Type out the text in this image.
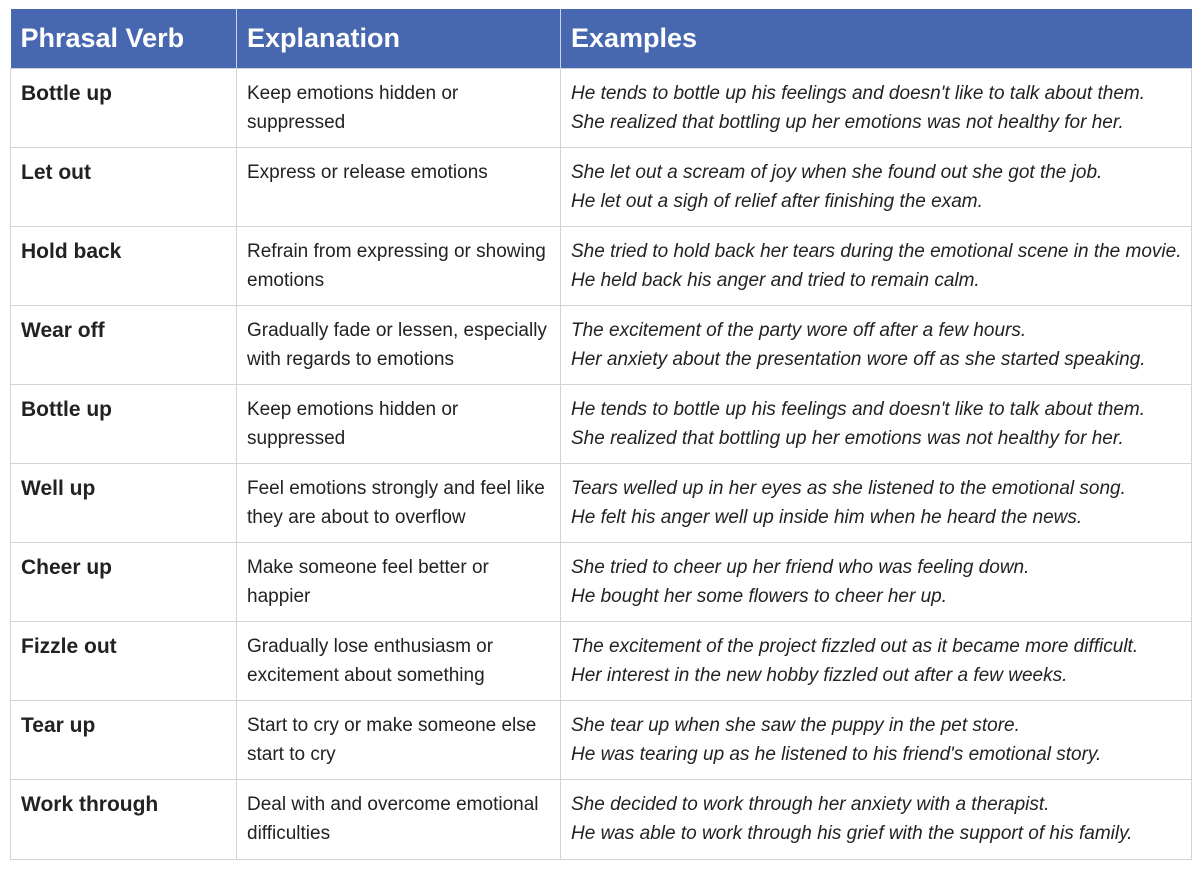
Phrasal Verb	Explanation	Examples
Bottle up	Keep emotions hidden or suppressed	He tends to bottle up his feelings and doesn't like to talk about them.
She realized that bottling up her emotions was not healthy for her.

Let out	Express or release emotions	She let out a scream of joy when she found out she got the job.
He let out a sigh of relief after finishing the exam.

Hold back	Refrain from expressing or showing emotions	She tried to hold back her tears during the emotional scene in the movie.
He held back his anger and tried to remain calm.

Wear off	Gradually fade or lessen, especially with regards to emotions	The excitement of the party wore off after a few hours.
Her anxiety about the presentation wore off as she started speaking.

Bottle up	Keep emotions hidden or suppressed	He tends to bottle up his feelings and doesn't like to talk about them.
She realized that bottling up her emotions was not healthy for her.

Well up	Feel emotions strongly and feel like they are about to overflow	Tears welled up in her eyes as she listened to the emotional song.
He felt his anger well up inside him when he heard the news.

Cheer up	Make someone feel better or happier	She tried to cheer up her friend who was feeling down.
He bought her some flowers to cheer her up.

Fizzle out	Gradually lose enthusiasm or excitement about something	The excitement of the project fizzled out as it became more difficult.
Her interest in the new hobby fizzled out after a few weeks.

Tear up	Start to cry or make someone else start to cry	She tear up when she saw the puppy in the pet store.
He was tearing up as he listened to his friend's emotional story.

Work through	Deal with and overcome emotional difficulties	She decided to work through her anxiety with a therapist.
He was able to work through his grief with the support of his family.
